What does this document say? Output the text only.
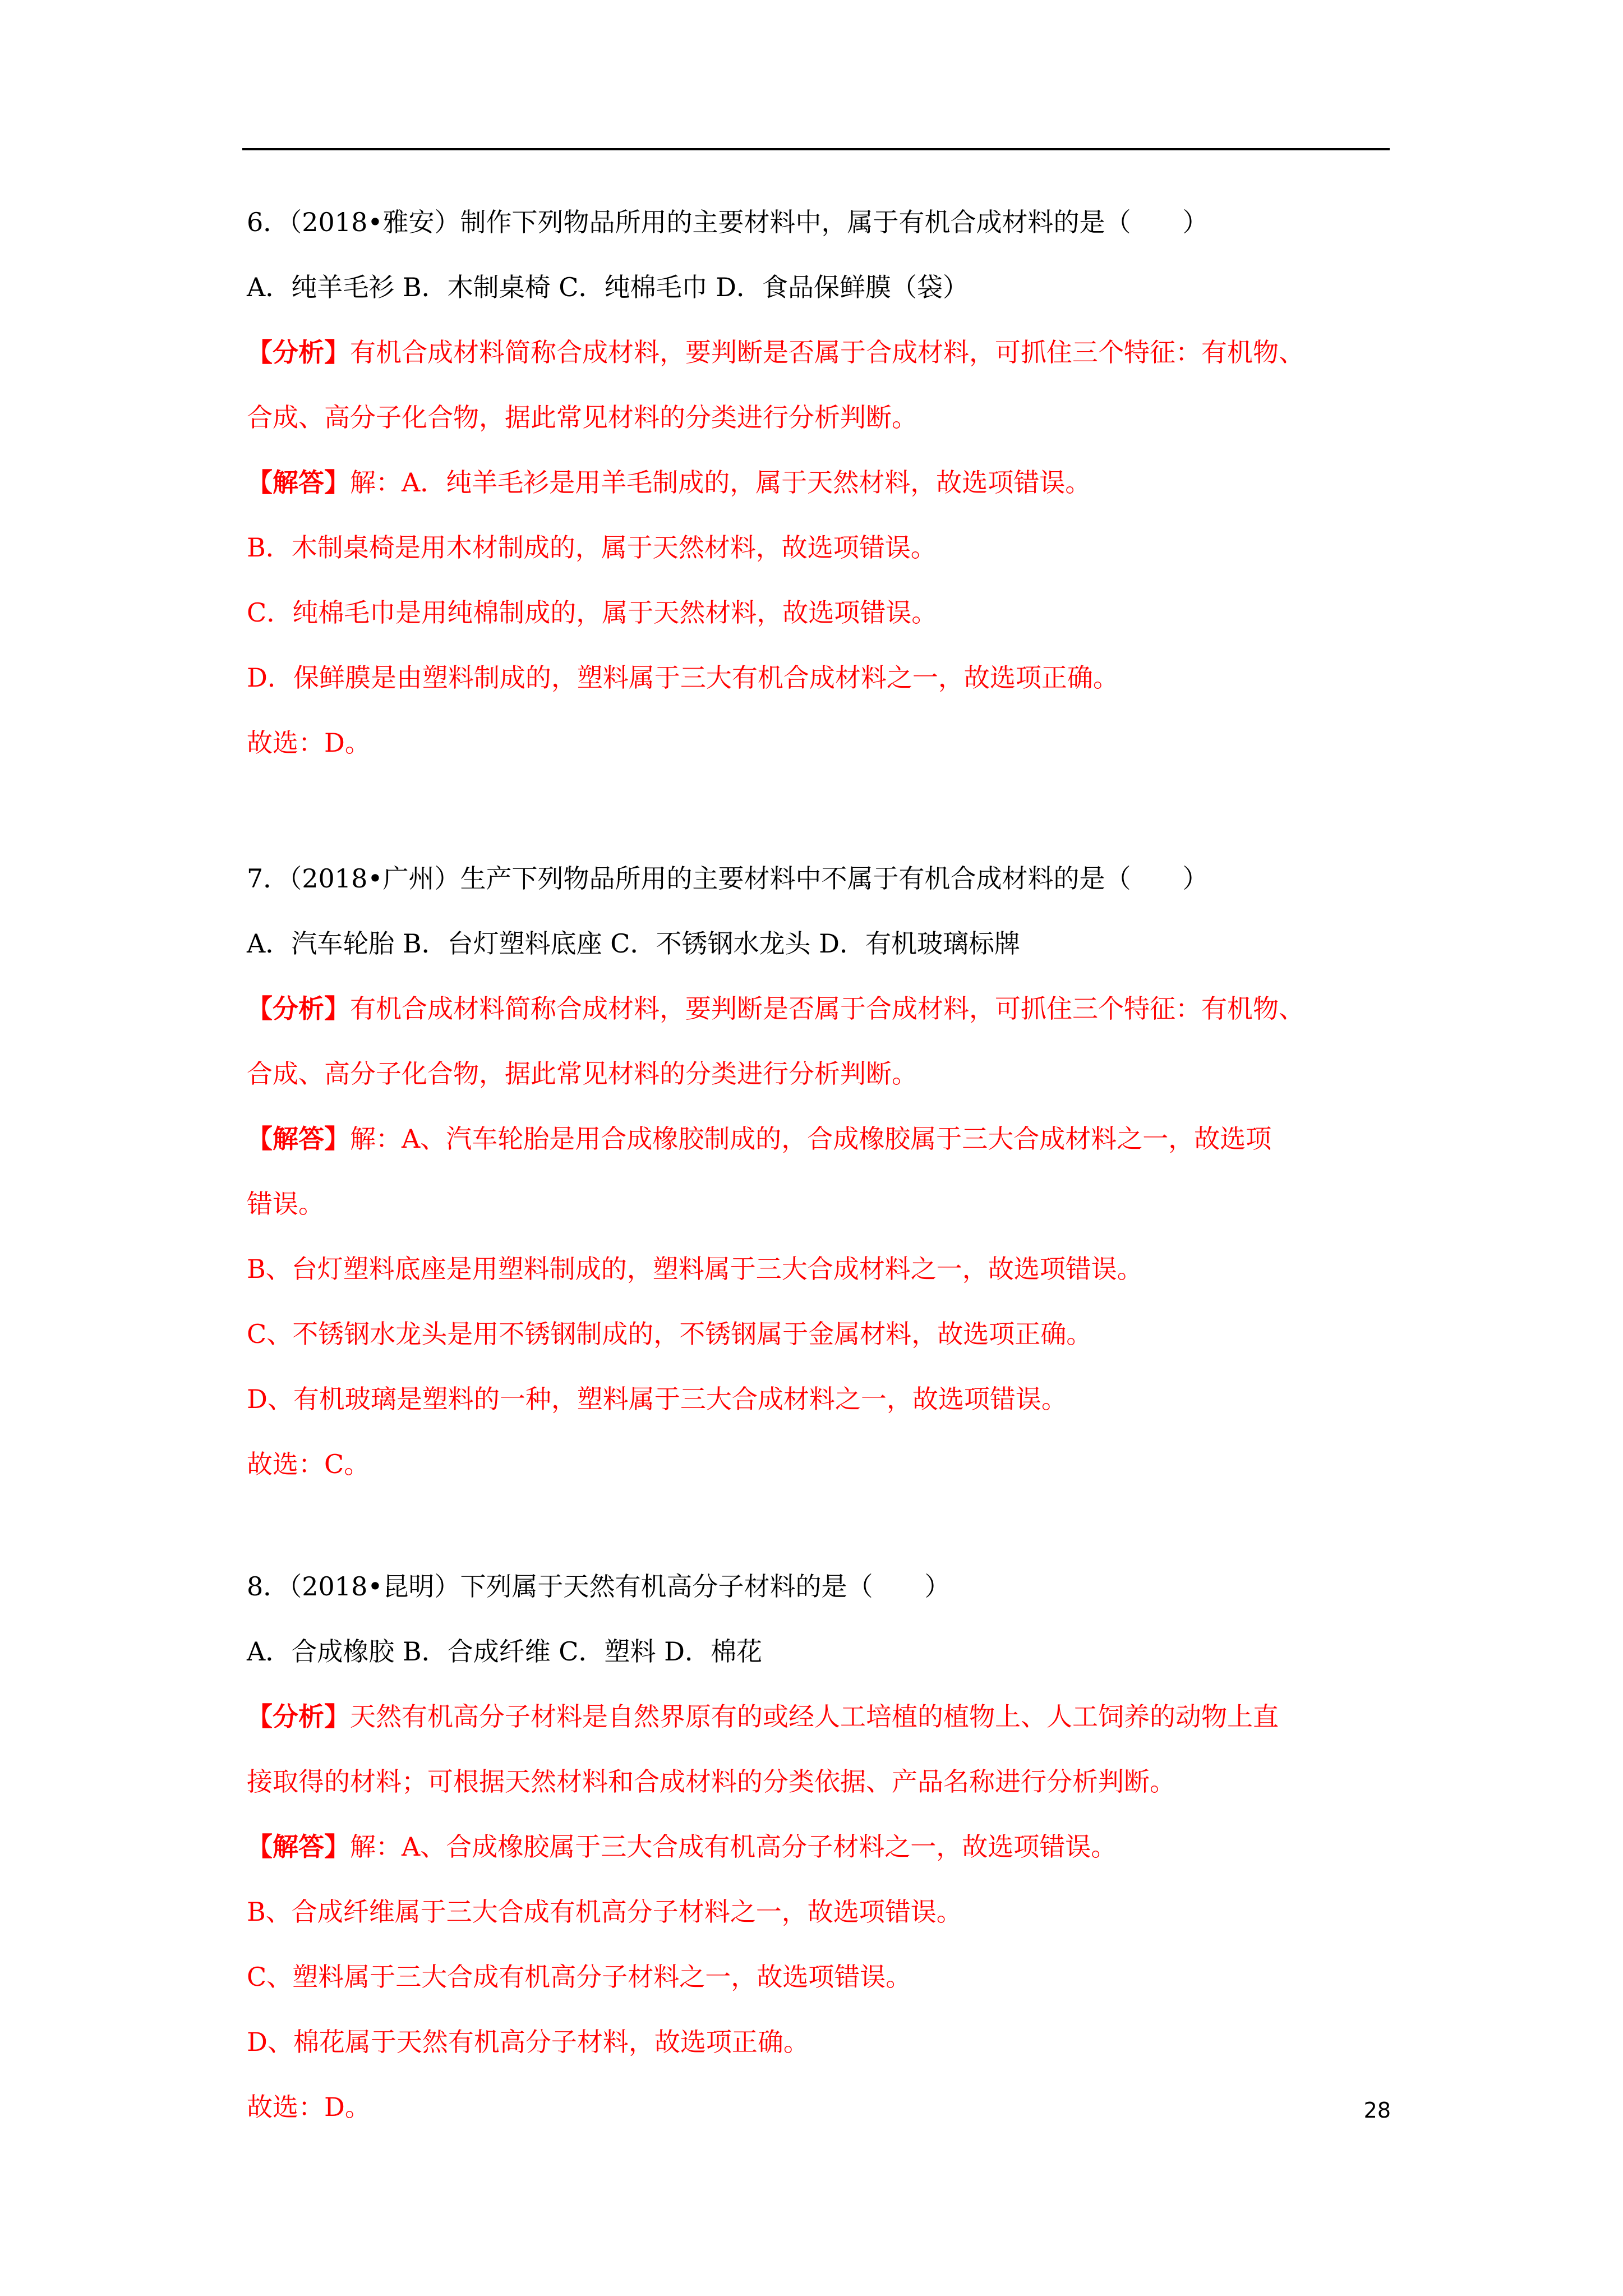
6．（2018•雅安）制作下列物品所用的主要材料中，属于有机合成材料的是（　　）
A．纯羊毛衫 B．木制桌椅 C．纯棉毛巾 D．食品保鲜膜（袋）
【分析】有机合成材料简称合成材料，要判断是否属于合成材料，可抓住三个特征：有机物、
合成、高分子化合物，据此常见材料的分类进行分析判断。
【解答】解：A．纯羊毛衫是用羊毛制成的，属于天然材料，故选项错误。
B．木制桌椅是用木材制成的，属于天然材料，故选项错误。
C．纯棉毛巾是用纯棉制成的，属于天然材料，故选项错误。
D．保鲜膜是由塑料制成的，塑料属于三大有机合成材料之一，故选项正确。
故选：D。
7．（2018•广州）生产下列物品所用的主要材料中不属于有机合成材料的是（　　）
A．汽车轮胎 B．台灯塑料底座 C．不锈钢水龙头 D．有机玻璃标牌
【分析】有机合成材料简称合成材料，要判断是否属于合成材料，可抓住三个特征：有机物、
合成、高分子化合物，据此常见材料的分类进行分析判断。
【解答】解：A、汽车轮胎是用合成橡胶制成的，合成橡胶属于三大合成材料之一，故选项
错误。
B、台灯塑料底座是用塑料制成的，塑料属于三大合成材料之一，故选项错误。
C、不锈钢水龙头是用不锈钢制成的，不锈钢属于金属材料，故选项正确。
D、有机玻璃是塑料的一种，塑料属于三大合成材料之一，故选项错误。
故选：C。
8．（2018•昆明）下列属于天然有机高分子材料的是（　　）
A．合成橡胶 B．合成纤维 C．塑料 D．棉花
【分析】天然有机高分子材料是自然界原有的或经人工培植的植物上、人工饲养的动物上直
接取得的材料；可根据天然材料和合成材料的分类依据、产品名称进行分析判断。
【解答】解：A、合成橡胶属于三大合成有机高分子材料之一，故选项错误。
B、合成纤维属于三大合成有机高分子材料之一，故选项错误。
C、塑料属于三大合成有机高分子材料之一，故选项错误。
D、棉花属于天然有机高分子材料，故选项正确。
故选：D。	28
